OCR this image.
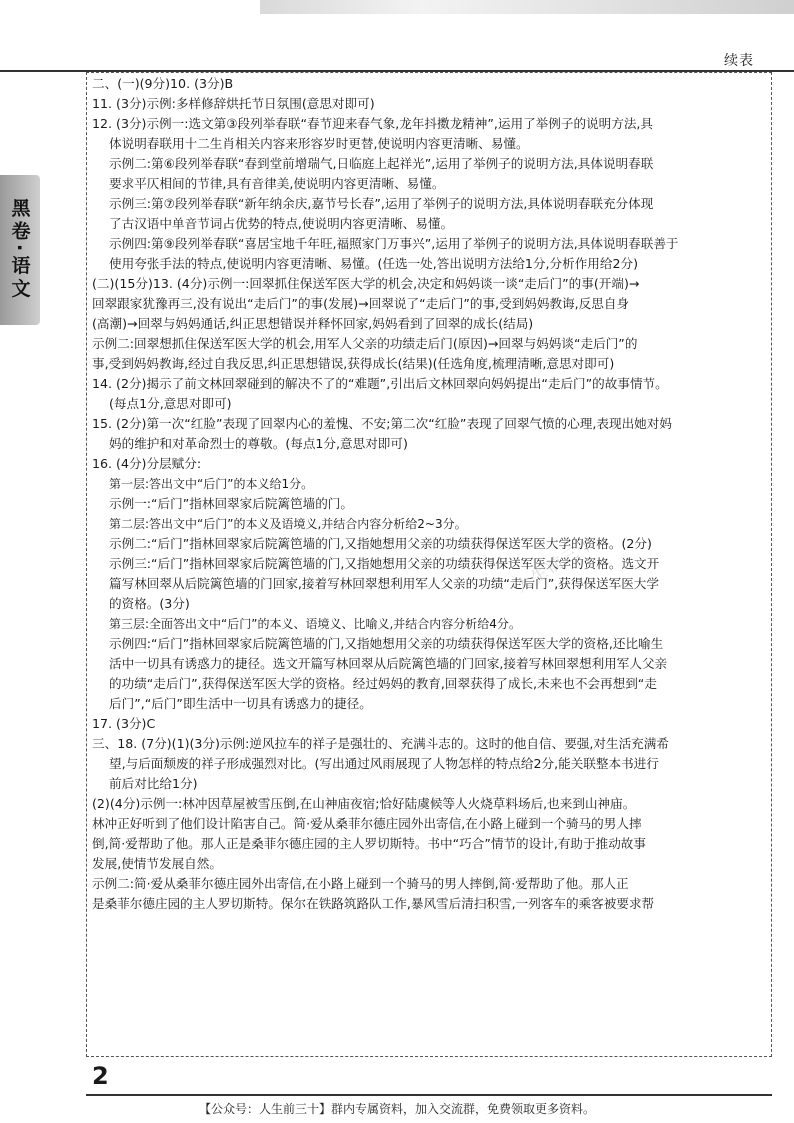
续表
黑卷·语文

二、(一)(9分)10. (3分)B

11. (3分)示例:多样修辞烘托节日氛围(意思对即可)

12. (3分)示例一:选文第③段列举春联“春节迎来春气象,龙年抖擞龙精神”,运用了举例子的说明方法,具

体说明春联用十二生肖相关内容来形容岁时更替,使说明内容更清晰、易懂。

示例二:第⑥段列举春联“春到堂前增瑞气,日临庭上起祥光”,运用了举例子的说明方法,具体说明春联

要求平仄相间的节律,具有音律美,使说明内容更清晰、易懂。

示例三:第⑦段列举春联“新年纳余庆,嘉节号长春”,运用了举例子的说明方法,具体说明春联充分体现

了古汉语中单音节词占优势的特点,使说明内容更清晰、易懂。

示例四:第⑨段列举春联“喜居宝地千年旺,福照家门万事兴”,运用了举例子的说明方法,具体说明春联善于

使用夸张手法的特点,使说明内容更清晰、易懂。(任选一处,答出说明方法给1分,分析作用给2分)

(二)(15分)13. (4分)示例一:回翠抓住保送军医大学的机会,决定和妈妈谈一谈“走后门”的事(开端)→

回翠跟家犹豫再三,没有说出“走后门”的事(发展)→回翠说了“走后门”的事,受到妈妈教诲,反思自身

(高潮)→回翠与妈妈通话,纠正思想错误并释怀回家,妈妈看到了回翠的成长(结局)

示例二:回翠想抓住保送军医大学的机会,用军人父亲的功绩走后门(原因)→回翠与妈妈谈“走后门”的

事,受到妈妈教诲,经过自我反思,纠正思想错误,获得成长(结果)(任选角度,梳理清晰,意思对即可)

14. (2分)揭示了前文林回翠碰到的解决不了的“难题”,引出后文林回翠向妈妈提出“走后门”的故事情节。

(每点1分,意思对即可)

15. (2分)第一次“红脸”表现了回翠内心的羞愧、不安;第二次“红脸”表现了回翠气愤的心理,表现出她对妈

妈的维护和对革命烈士的尊敬。(每点1分,意思对即可)

16. (4分)分层赋分:

第一层:答出文中“后门”的本义给1分。

示例一:“后门”指林回翠家后院篱笆墙的门。

第二层:答出文中“后门”的本义及语境义,并结合内容分析给2~3分。

示例二:“后门”指林回翠家后院篱笆墙的门,又指她想用父亲的功绩获得保送军医大学的资格。(2分)

示例三:“后门”指林回翠家后院篱笆墙的门,又指她想用父亲的功绩获得保送军医大学的资格。选文开

篇写林回翠从后院篱笆墙的门回家,接着写林回翠想利用军人父亲的功绩“走后门”,获得保送军医大学

的资格。(3分)

第三层:全面答出文中“后门”的本义、语境义、比喻义,并结合内容分析给4分。

示例四:“后门”指林回翠家后院篱笆墙的门,又指她想用父亲的功绩获得保送军医大学的资格,还比喻生

活中一切具有诱惑力的捷径。选文开篇写林回翠从后院篱笆墙的门回家,接着写林回翠想利用军人父亲

的功绩“走后门”,获得保送军医大学的资格。经过妈妈的教育,回翠获得了成长,未来也不会再想到“走

后门”,“后门”即生活中一切具有诱惑力的捷径。

17. (3分)C

三、18. (7分)(1)(3分)示例:逆风拉车的祥子是强壮的、充满斗志的。这时的他自信、要强,对生活充满希

望,与后面颓废的祥子形成强烈对比。(写出通过风雨展现了人物怎样的特点给2分,能关联整本书进行

前后对比给1分)

(2)(4分)示例一:林冲因草屋被雪压倒,在山神庙夜宿;恰好陆虞候等人火烧草料场后,也来到山神庙。

林冲正好听到了他们设计陷害自己。简·爱从桑菲尔德庄园外出寄信,在小路上碰到一个骑马的男人摔

倒,简·爱帮助了他。那人正是桑菲尔德庄园的主人罗切斯特。书中“巧合”情节的设计,有助于推动故事

发展,使情节发展自然。

示例二:简·爱从桑菲尔德庄园外出寄信,在小路上碰到一个骑马的男人摔倒,简·爱帮助了他。那人正

是桑菲尔德庄园的主人罗切斯特。保尔在铁路筑路队工作,暴风雪后清扫积雪,一列客车的乘客被要求帮

人生前三十
2
【公众号：人生前三十】群内专属资料，加入交流群，免费领取更多资料。
